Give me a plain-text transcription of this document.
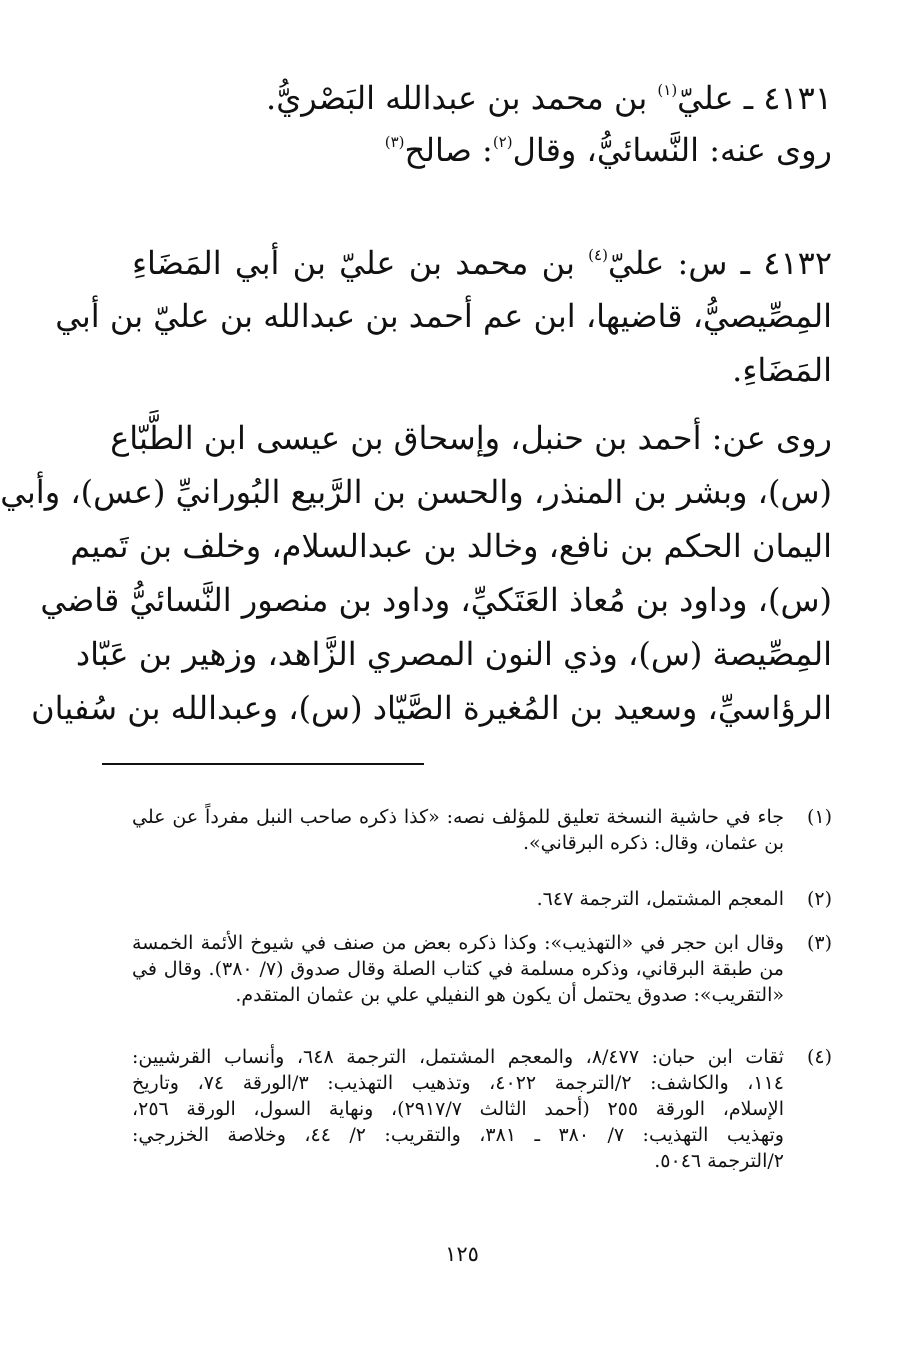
٤١٣١ ـ عليّ$^{(١)}$ بن محمد بن عبدالله البَصْريُّ.
روى عنه: النَّسائيُّ، وقال$^{(٢)}$: صالح$^{(٣)}$
٤١٣٢ ـ س: عليّ$^{(٤)}$ بن محمد بن عليّ بن أبي المَضَاءِ
المِصِّيصيُّ، قاضيها، ابن عم أحمد بن عبدالله بن عليّ بن أبي
المَضَاءِ.
روى عن: أحمد بن حنبل، وإسحاق بن عيسى ابن الطَّبّاع
(س)، وبشر بن المنذر، والحسن بن الرَّبيع البُورانيِّ (عس)، وأبي
اليمان الحكم بن نافع، وخالد بن عبدالسلام، وخلف بن تَميم
(س)، وداود بن مُعاذ العَتَكيِّ، وداود بن منصور النَّسائيُّ قاضي
المِصِّيصة (س)، وذي النون المصري الزَّاهد، وزهير بن عَبّاد
الرؤاسيِّ، وسعيد بن المُغيرة الصَّيّاد (س)، وعبدالله بن سُفيان
(١)
جاء في حاشية النسخة تعليق للمؤلف نصه: «كذا ذكره صاحب النبل مفرداً عن علي
بن عثمان، وقال: ذكره البرقاني».
(٢)
المعجم المشتمل، الترجمة ٦٤٧.
(٣)
وقال ابن حجر في «التهذيب»: وكذا ذكره بعض من صنف في شيوخ الأئمة الخمسة
من طبقة البرقاني، وذكره مسلمة في كتاب الصلة وقال صدوق (٧/ ٣٨٠). وقال في
«التقريب»: صدوق يحتمل أن يكون هو النفيلي علي بن عثمان المتقدم.
(٤)
ثقات ابن حبان: ٨/٤٧٧، والمعجم المشتمل، الترجمة ٦٤٨، وأنساب القرشيين:
١١٤، والكاشف: ٢/الترجمة ٤٠٢٢، وتذهيب التهذيب: ٣/الورقة ٧٤، وتاريخ
الإسلام، الورقة ٢٥٥ (أحمد الثالث ٢٩١٧/٧)، ونهاية السول، الورقة ٢٥٦،
وتهذيب التهذيب: ٧/ ٣٨٠ ـ ٣٨١، والتقريب: ٢/ ٤٤، وخلاصة الخزرجي:
٢/الترجمة ٥٠٤٦.
١٢٥
